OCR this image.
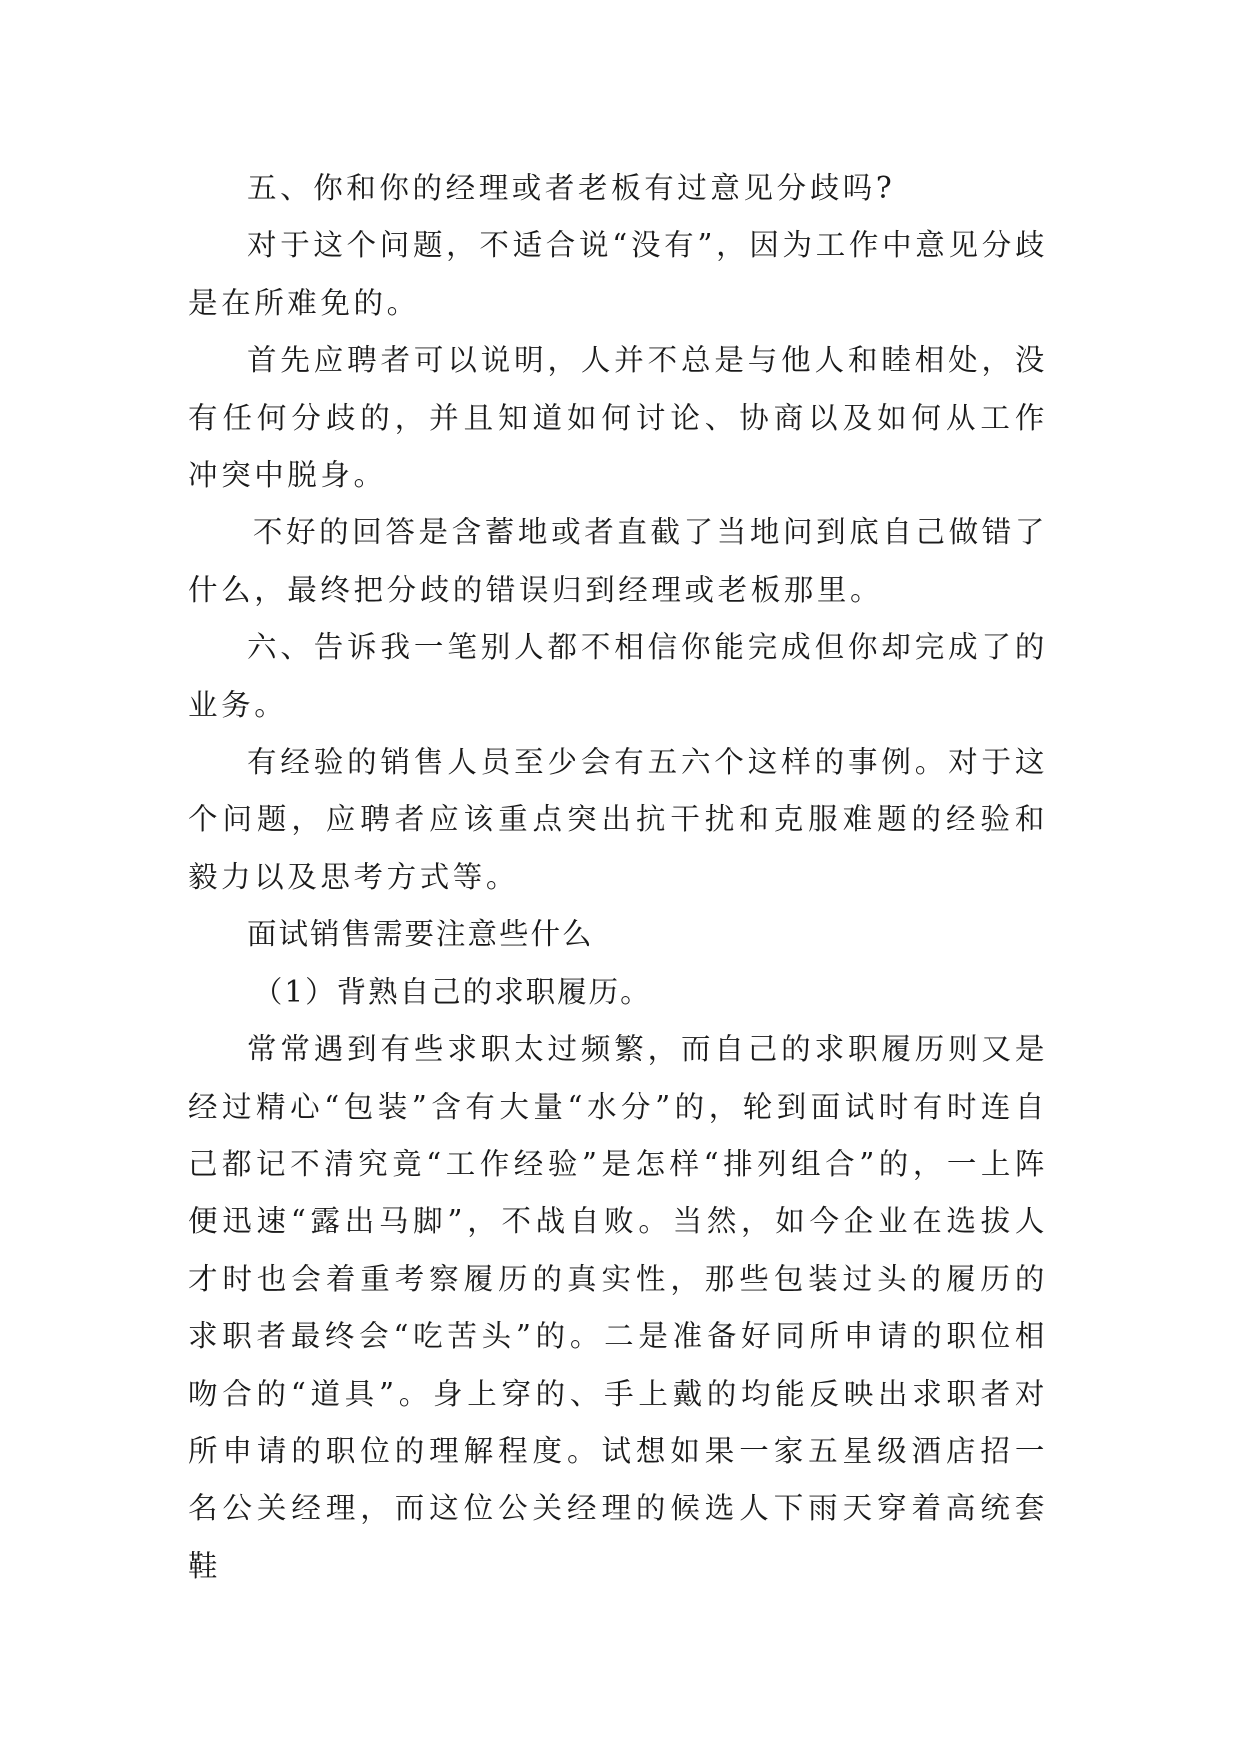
五、你和你的经理或者老板有过意见分歧吗?

对于这个问题，不适合说“没有”，因为工作中意见分歧是在所难免的。

首先应聘者可以说明，人并不总是与他人和睦相处，没有任何分歧的，并且知道如何讨论、协商以及如何从工作冲突中脱身。

不好的回答是含蓄地或者直截了当地问到底自己做错了什么，最终把分歧的错误归到经理或老板那里。

六、告诉我一笔别人都不相信你能完成但你却完成了的业务。

有经验的销售人员至少会有五六个这样的事例。对于这个问题，应聘者应该重点突出抗干扰和克服难题的经验和毅力以及思考方式等。

面试销售需要注意些什么

（1）背熟自己的求职履历。

常常遇到有些求职太过频繁，而自己的求职履历则又是经过精心“包装”含有大量“水分”的，轮到面试时有时连自己都记不清究竟“工作经验”是怎样“排列组合”的，一上阵便迅速“露出马脚”，不战自败。当然，如今企业在选拔人才时也会着重考察履历的真实性，那些包装过头的履历的求职者最终会“吃苦头”的。二是准备好同所申请的职位相吻合的“道具”。身上穿的、手上戴的均能反映出求职者对所申请的职位的理解程度。试想如果一家五星级酒店招一名公关经理，而这位公关经理的候选人下雨天穿着高统套鞋
